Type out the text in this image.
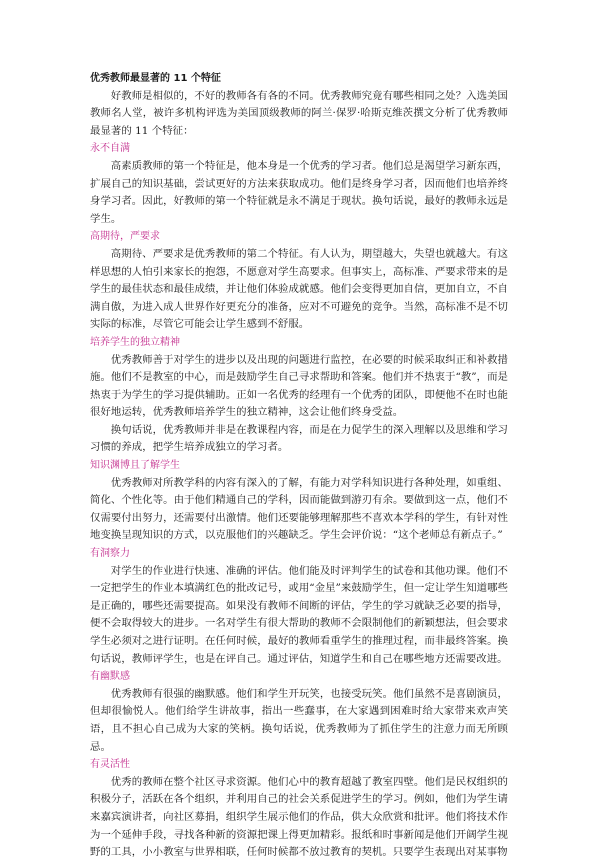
优秀教师最显著的 11 个特征

好教师是相似的，不好的教师各有各的不同。优秀教师究竟有哪些相同之处？入选美国教师名人堂，被许多机构评选为美国顶级教师的阿兰·保罗·哈斯克维茨撰文分析了优秀教师最显著的 11 个特征：

永不自满

高素质教师的第一个特征是，他本身是一个优秀的学习者。他们总是渴望学习新东西，扩展自己的知识基础，尝试更好的方法来获取成功。他们是终身学习者，因而他们也培养终身学习者。因此，好教师的第一个特征就是永不满足于现状。换句话说，最好的教师永远是学生。

高期待，严要求

高期待、严要求是优秀教师的第二个特征。有人认为，期望越大，失望也就越大。有这样思想的人怕引来家长的抱怨，不愿意对学生高要求。但事实上，高标准、严要求带来的是学生的最佳状态和最佳成绩，并让他们体验成就感。他们会变得更加自信，更加自立，不自满自傲，为进入成人世界作好更充分的准备，应对不可避免的竞争。当然，高标准不是不切实际的标准，尽管它可能会让学生感到不舒服。

培养学生的独立精神

优秀教师善于对学生的进步以及出现的问题进行监控，在必要的时候采取纠正和补救措施。他们不是教室的中心，而是鼓励学生自己寻求帮助和答案。他们并不热衷于“教”，而是热衷于为学生的学习提供辅助。正如一名优秀的经理有一个优秀的团队，即便他不在时也能很好地运转，优秀教师培养学生的独立精神，这会让他们终身受益。

换句话说，优秀教师并非是在教课程内容，而是在力促学生的深入理解以及思维和学习习惯的养成，把学生培养成独立的学习者。

知识渊博且了解学生

优秀教师对所教学科的内容有深入的了解，有能力对学科知识进行各种处理，如重组、简化、个性化等。由于他们精通自己的学科，因而能做到游刃有余。要做到这一点，他们不仅需要付出努力，还需要付出激情。他们还要能够理解那些不喜欢本学科的学生，有针对性地变换呈现知识的方式，以克服他们的兴趣缺乏。学生会评价说：“这个老师总有新点子。”

有洞察力

对学生的作业进行快速、准确的评估。他们能及时评判学生的试卷和其他功课。他们不一定把学生的作业本填满红色的批改记号，或用“金星”来鼓励学生，但一定让学生知道哪些是正确的，哪些还需要提高。如果没有教师不间断的评估，学生的学习就缺乏必要的指导，便不会取得较大的进步。一名对学生有很大帮助的教师不会限制他们的新颖想法，但会要求学生必须对之进行证明。在任何时候，最好的教师看重学生的推理过程，而非最终答案。换句话说，教师评学生，也是在评自己。通过评估，知道学生和自己在哪些地方还需要改进。

有幽默感

优秀教师有很强的幽默感。他们和学生开玩笑，也接受玩笑。他们虽然不是喜剧演员，但却很愉悦人。他们给学生讲故事，指出一些蠢事，在大家遇到困难时给大家带来欢声笑语，且不担心自己成为大家的笑柄。换句话说，优秀教师为了抓住学生的注意力而无所顾忌。

有灵活性

优秀的教师在整个社区寻求资源。他们心中的教育超越了教室四壁。他们是民权组织的积极分子，活跃在各个组织，并利用自己的社会关系促进学生的学习。例如，他们为学生请来嘉宾演讲者，向社区募捐，组织学生展示他们的作品，供大众欣赏和批评。他们将技术作为一个延伸手段，寻找各种新的资源把课上得更加精彩。报纸和时事新闻是他们开阔学生视野的工具，小小教室与世界相联，任何时候都不放过教育的契机。只要学生表现出对某事物
